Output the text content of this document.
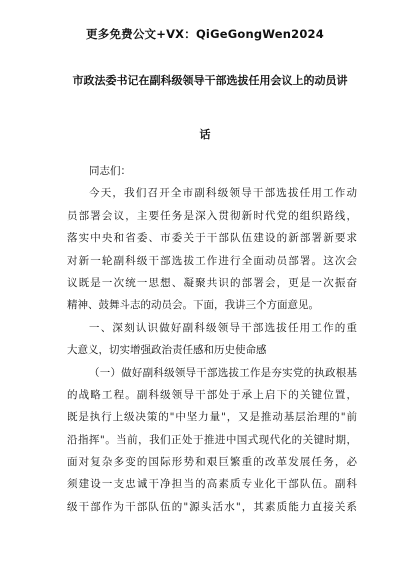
更多免费公文+VX：QiGeGongWen2024
市政法委书记在副科级领导干部选拔任用会议上的动员讲
话
同志们：
今天，我们召开全市副科级领导干部选拔任用工作动
员部署会议，主要任务是深入贯彻新时代党的组织路线，
落实中央和省委、市委关于干部队伍建设的新部署新要求
对新一轮副科级干部选拔工作进行全面动员部署。这次会
议既是一次统一思想、凝聚共识的部署会，更是一次振奋
精神、鼓舞斗志的动员会。下面，我讲三个方面意见。
一、深刻认识做好副科级领导干部选拔任用工作的重
大意义，切实增强政治责任感和历史使命感
（一）做好副科级领导干部选拔工作是夯实党的执政根基
的战略工程。副科级领导干部处于承上启下的关键位置，
既是执行上级决策的"中坚力量"，又是推动基层治理的"前
沿指挥"。当前，我们正处于推进中国式现代化的关键时期，
面对复杂多变的国际形势和艰巨繁重的改革发展任务，必
须建设一支忠诚干净担当的高素质专业化干部队伍。副科
级干部作为干部队伍的"源头活水"，其素质能力直接关系
